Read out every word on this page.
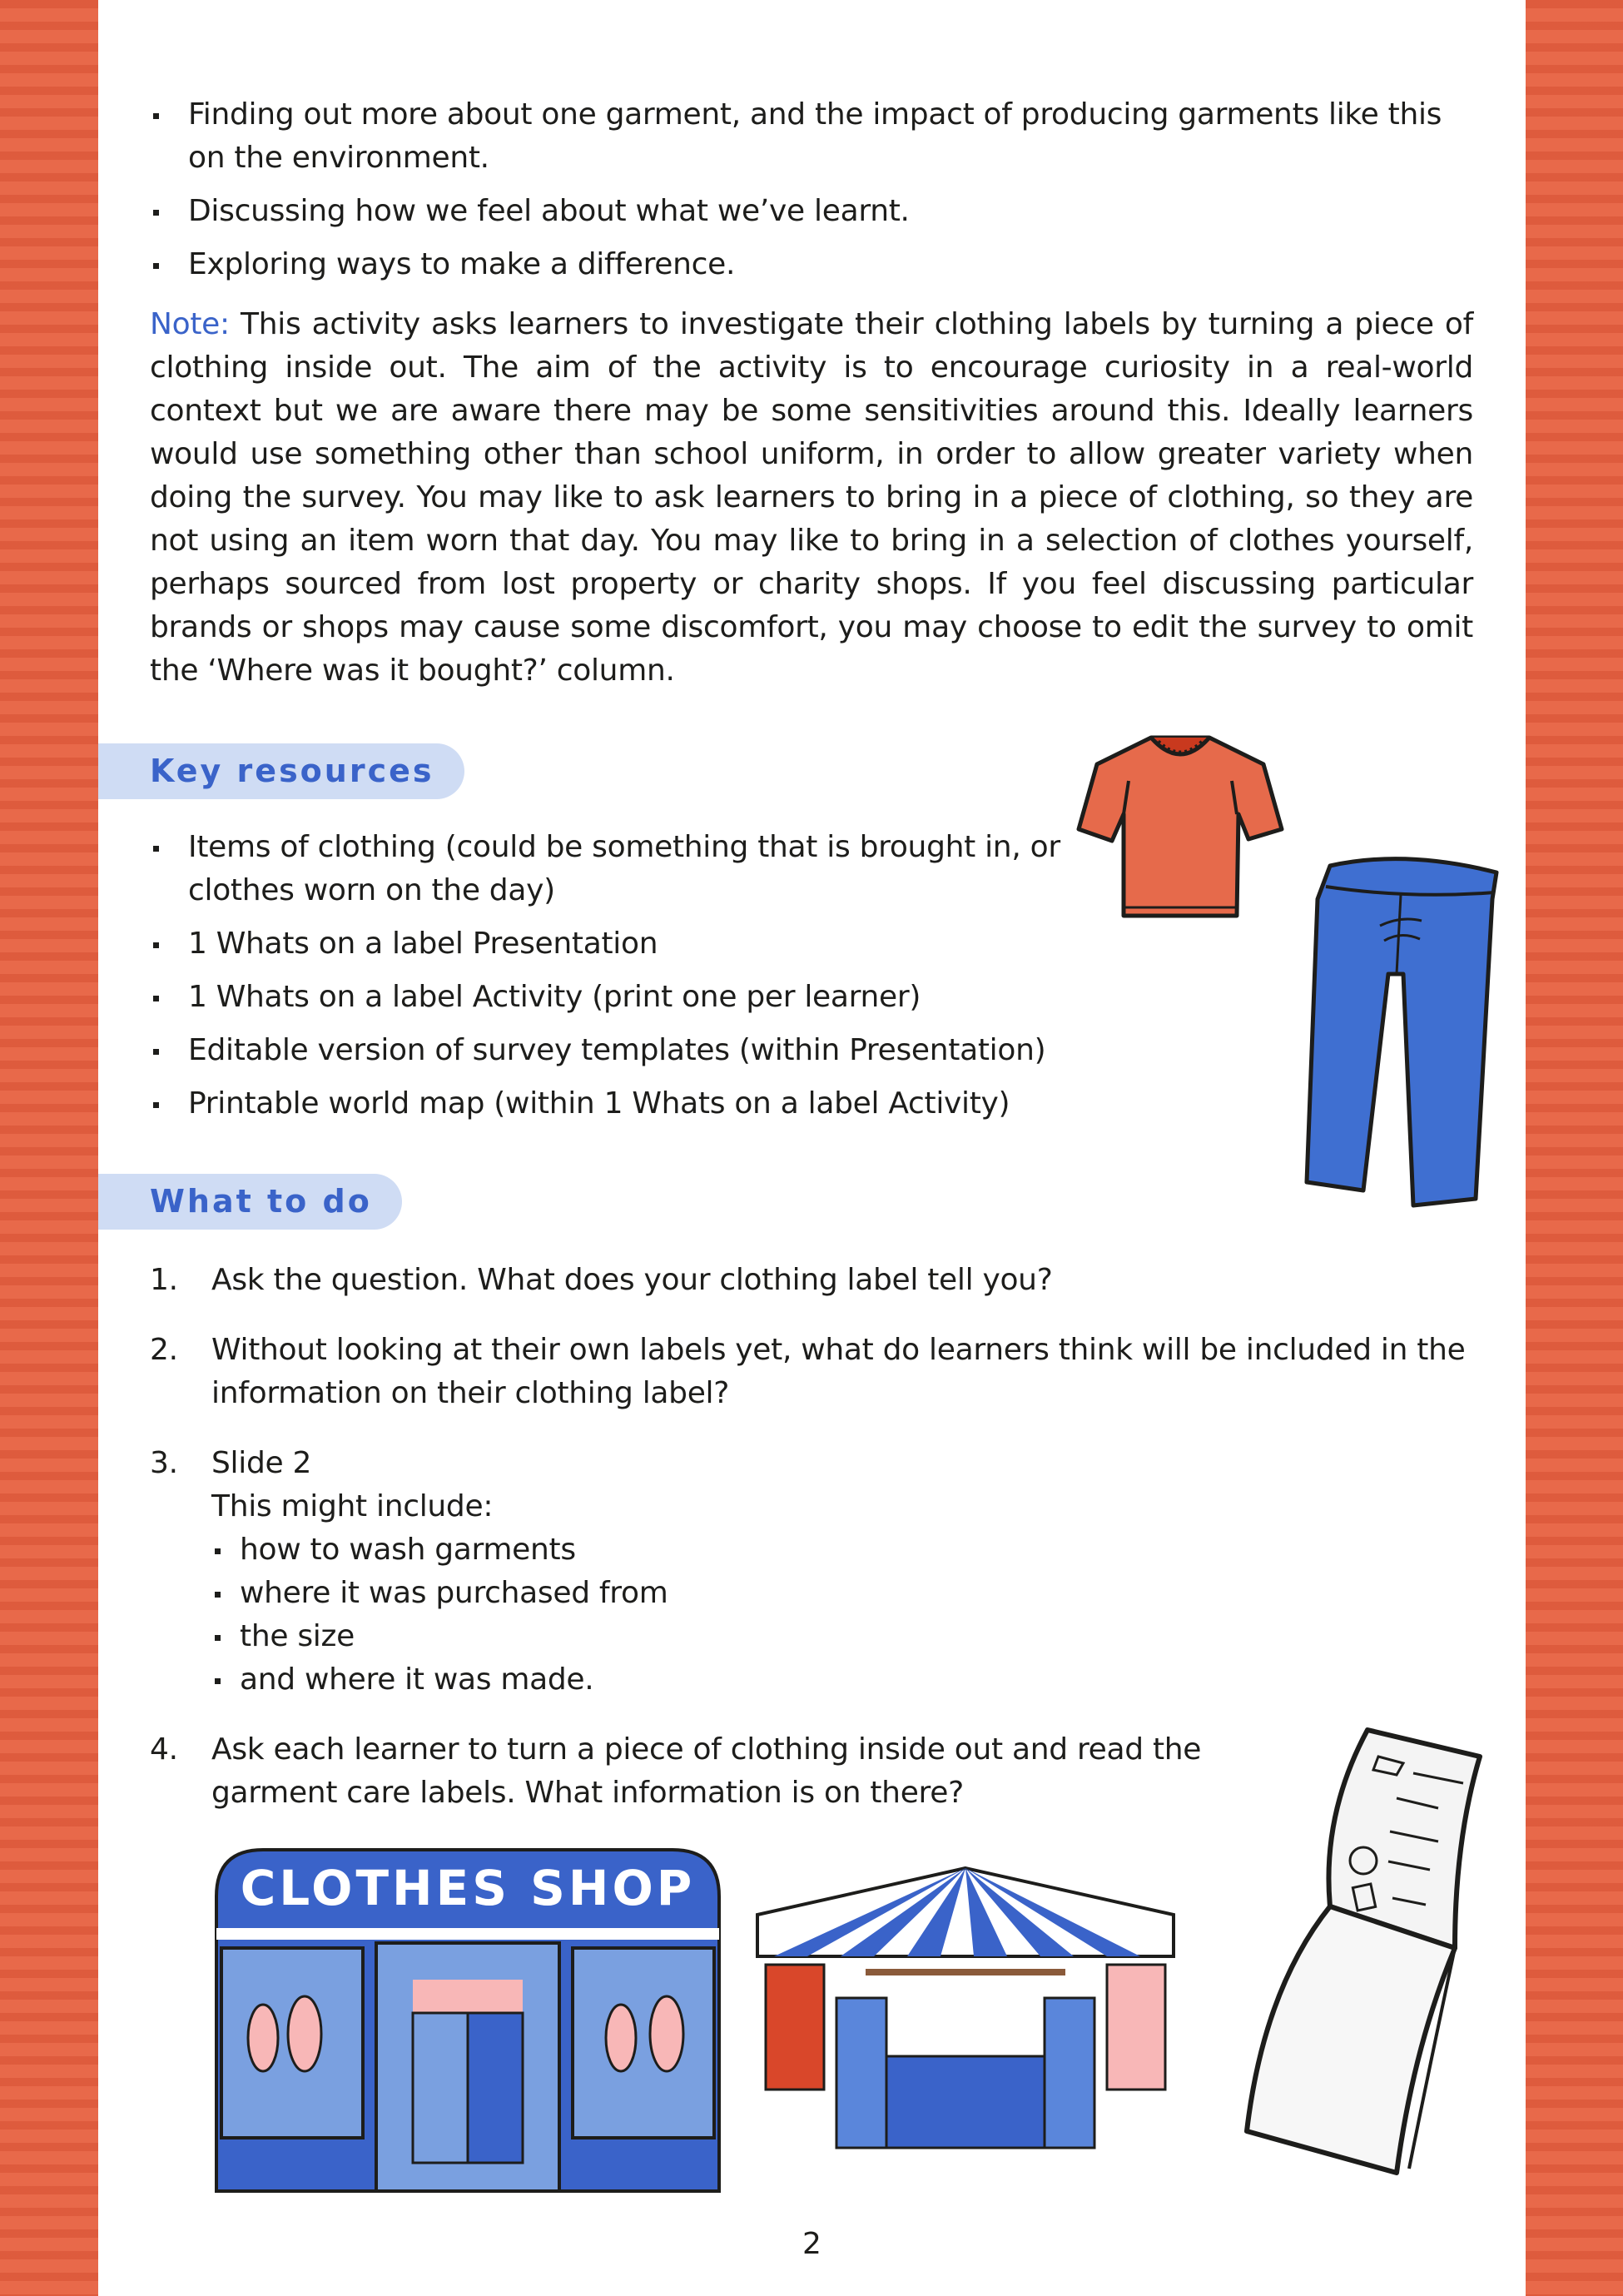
Finding out more about one garment, and the impact of producing garments like this on the environment.
Discussing how we feel about what we’ve learnt.
Exploring ways to make a difference.

Note: This activity asks learners to investigate their clothing labels by turning a piece of clothing inside out. The aim of the activity is to encourage curiosity in a real-world context but we are aware there may be some sensitivities around this. Ideally learners would use something other than school uniform, in order to allow greater variety when doing the survey. You may like to ask learners to bring in a piece of clothing, so they are not using an item worn that day. You may like to bring in a selection of clothes yourself, perhaps sourced from lost property or charity shops. If you feel discussing particular brands or shops may cause some discomfort, you may choose to edit the survey to omit the ‘Where was it bought?’ column.

Key resources
Items of clothing (could be something that is brought in, or clothes worn on the day)
1 Whats on a label Presentation
1 Whats on a label Activity (print one per learner)
Editable version of survey templates (within Presentation)
Printable world map (within 1 Whats on a label Activity)
What to do
1. Ask the question. What does your clothing label tell you?
2. Without looking at their own labels yet, what do learners think will be included in the information on their clothing label?
3. Slide 2
This might include:
how to wash garments
where it was purchased from
the size
and where it was made.
4. Ask each learner to turn a piece of clothing inside out and read the garment care labels. What information is on there?
CLOTHES SHOP
2
